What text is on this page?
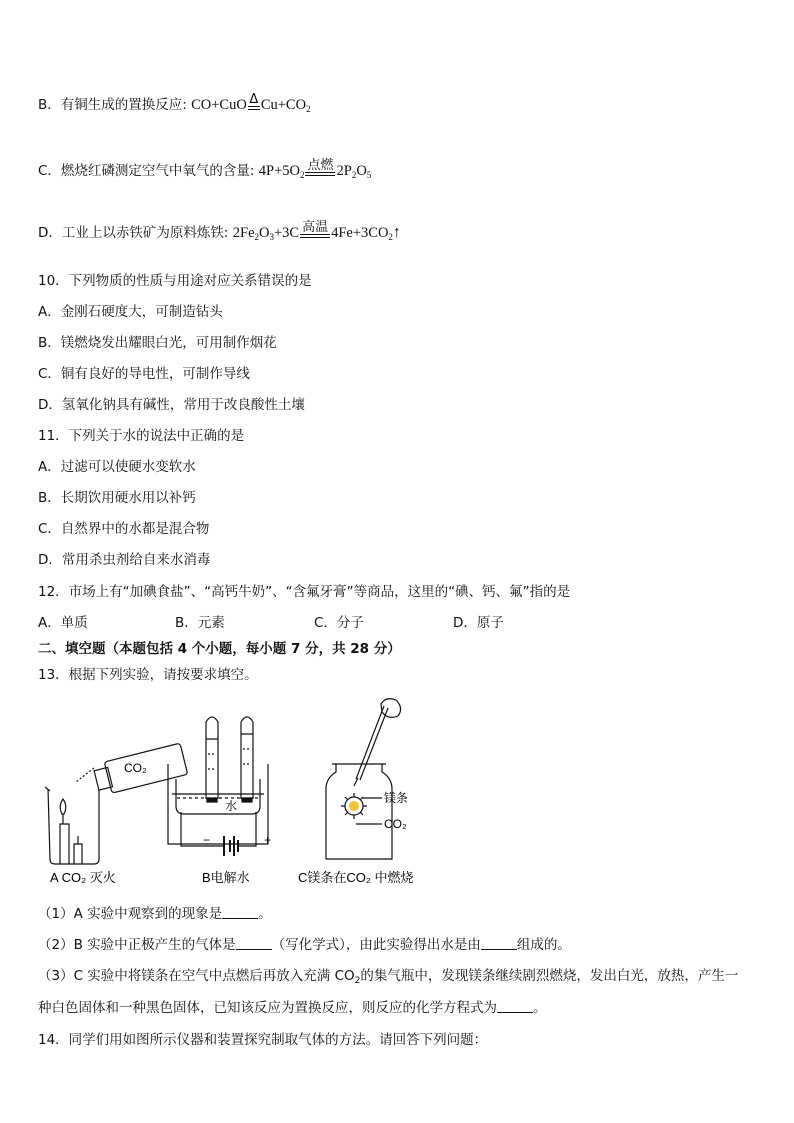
B．有铜生成的置换反应: CO+CuO Δ $Cu+CO_2$
C．燃烧红磷测定空气中氧气的含量: $4P+5O_2$
点燃 $2P_2O_5$
D．工业上以赤铁矿为原料炼铁: $2Fe_2O_3+3C$ 高温 $4Fe+3CO_2↑$
10．下列物质的性质与用途对应关系错误的是
A．金刚石硬度大，可制造钻头
B．镁燃烧发出耀眼白光，可用制作烟花
C．铜有良好的导电性，可制作导线
D．氢氧化钠具有碱性，常用于改良酸性土壤
11．下列关于水的说法中正确的是
A．过滤可以使硬水变软水
B．长期饮用硬水用以补钙
C．自然界中的水都是混合物
D．常用杀虫剂给自来水消毒
12．市场上有“加碘食盐”、“高钙牛奶”、“含氟牙膏”等商品，这里的“碘、钙、氟”指的是
A．单质	B．元素	C．分子	D．原子
二、填空题（本题包括 4 个小题，每小题 7 分，共 28 分）
13．根据下列实验，请按要求填空。
CO₂
水
−	+
镁条
CO₂
A CO₂ 灭火	B电解水	C镁条在CO₂ 中燃烧
（1）A 实验中观察到的现象是	。
（2）B 实验中正极产生的气体是	（写化学式），由此实验得出水是由	组成的。
（3）C 实验中将镁条在空气中点燃后再放入充满 $CO_2$的集气瓶中，发现镁条继续剧烈燃烧，发出白光，放热，产生一
种白色固体和一种黑色固体，已知该反应为置换反应，则反应的化学方程式为	。
14．同学们用如图所示仪器和装置探究制取气体的方法。请回答下列问题：
